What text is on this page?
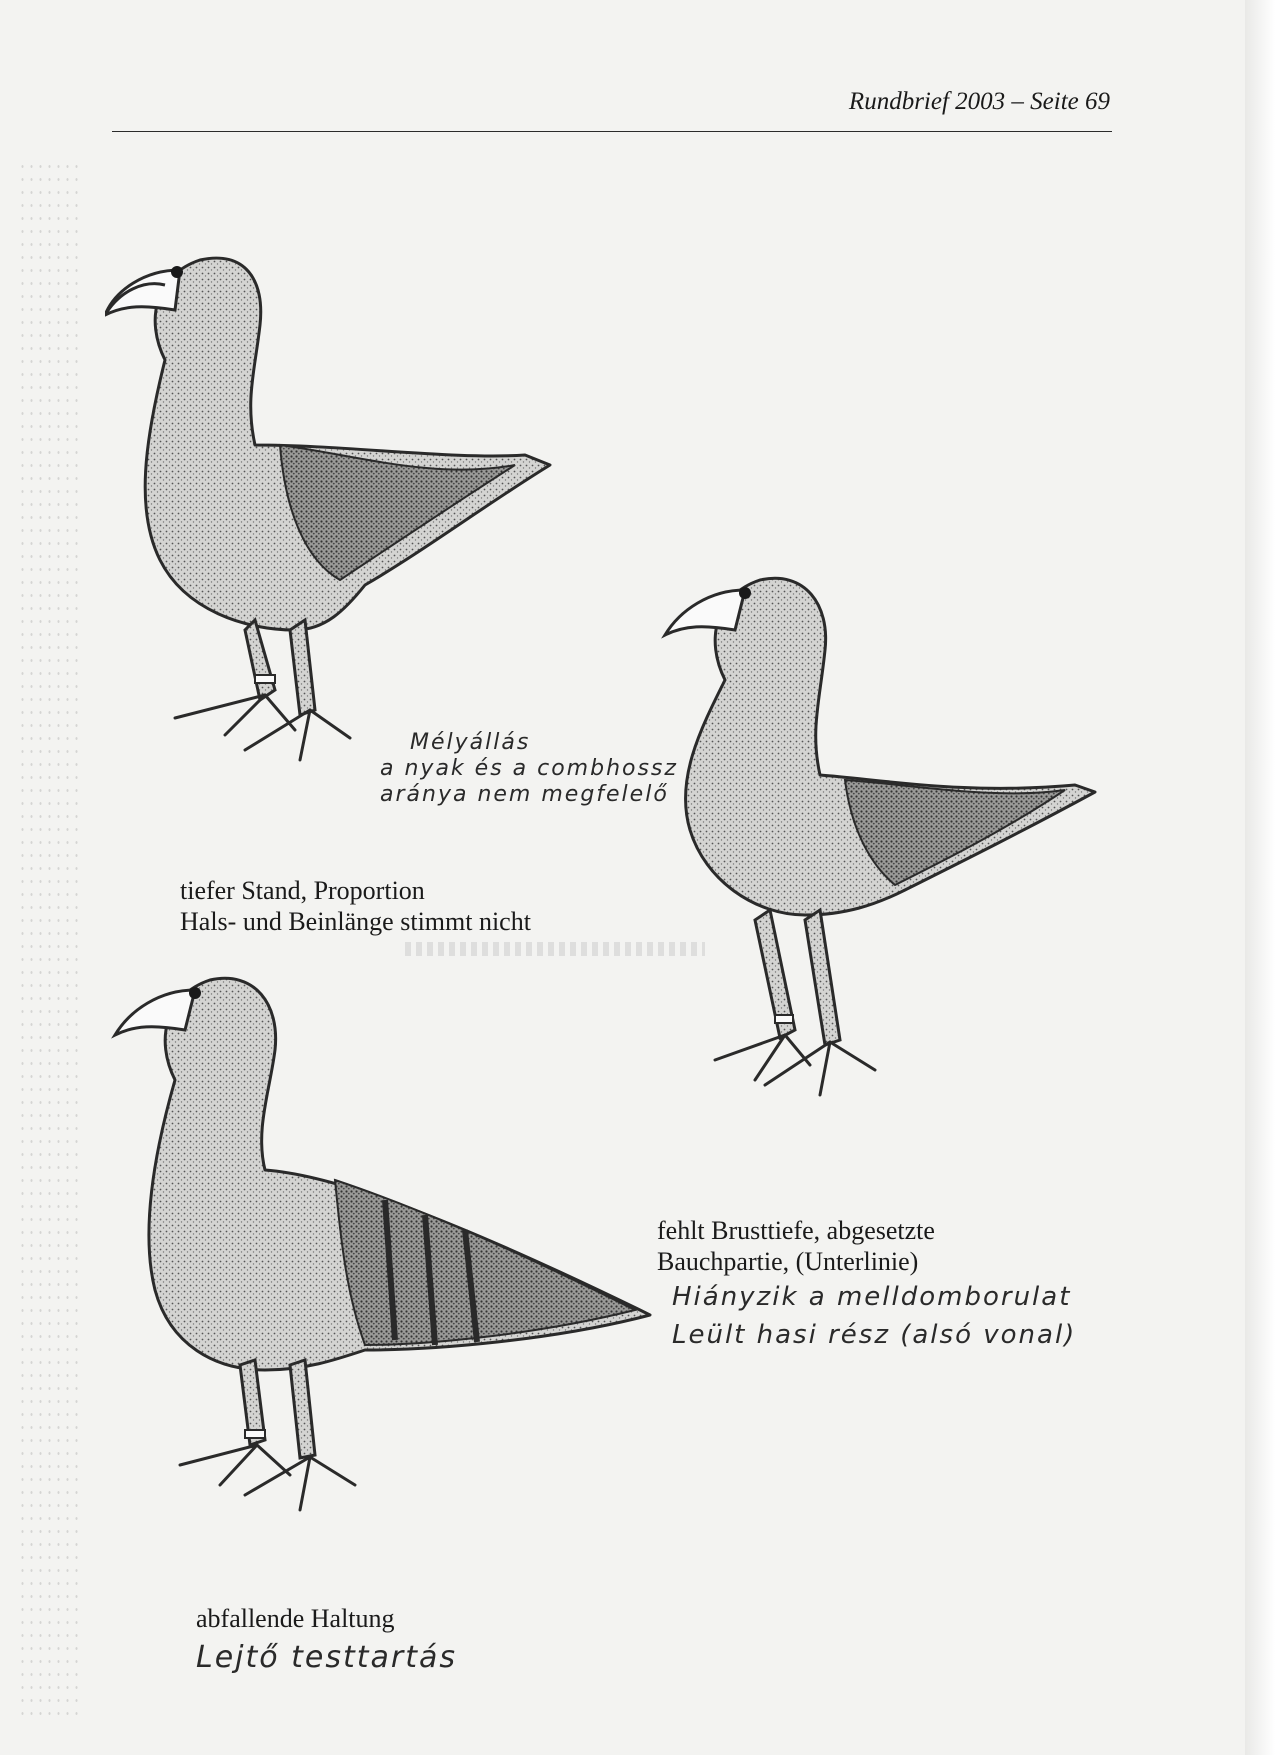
Rundbrief 2003 – Seite 69
Mélyállás
a nyak és a combhossz
aránya nem megfelelő
tiefer Stand, Proportion
Hals- und Beinlänge stimmt nicht
fehlt Brusttiefe, abgesetzte
Bauchpartie, (Unterlinie)
Hiányzik a melldomborulat
Leült hasi rész (alsó vonal)
abfallende Haltung
Lejtő testtartás
